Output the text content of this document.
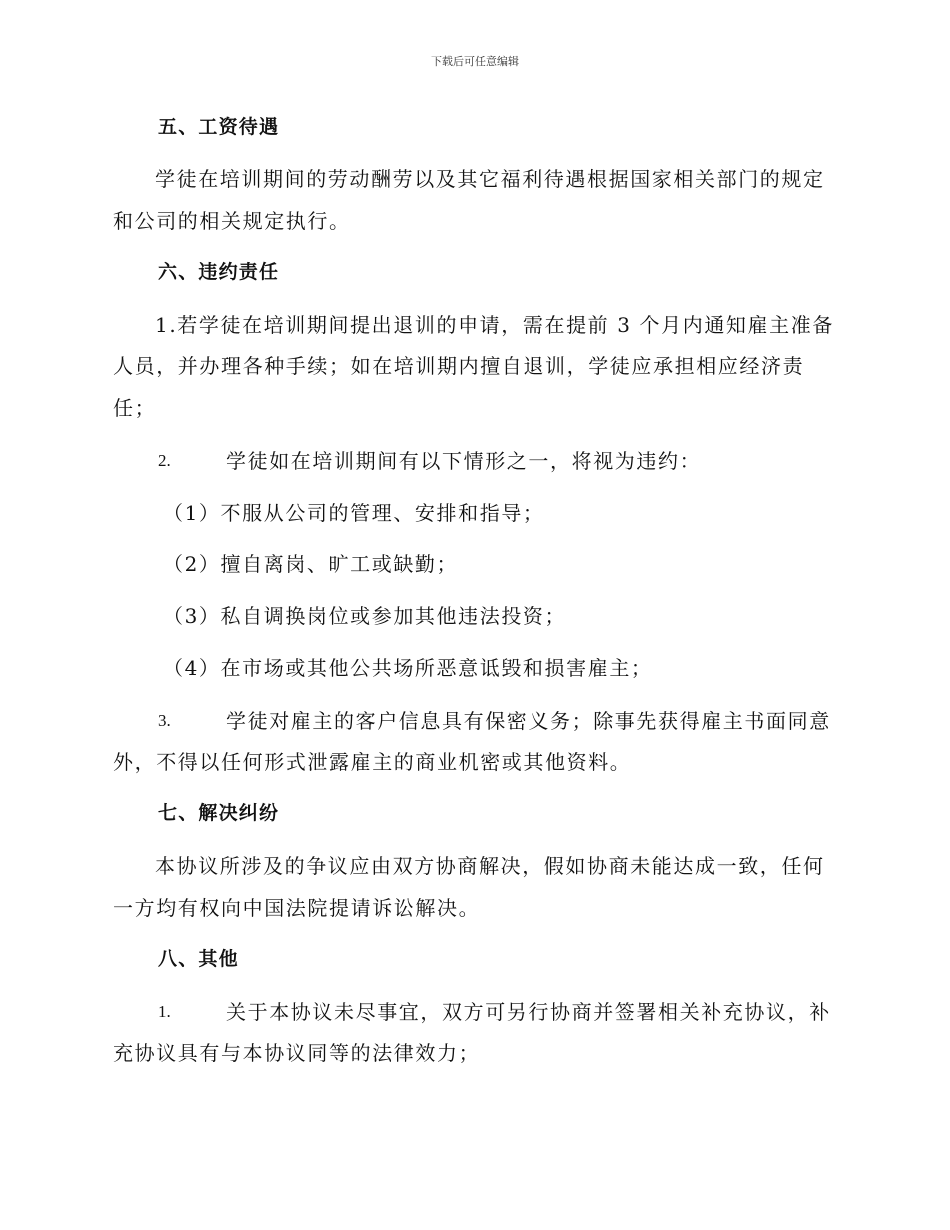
下载后可任意编辑
五、工资待遇
学徒在培训期间的劳动酬劳以及其它福利待遇根据国家相关部门的规定
和公司的相关规定执行。
六、违约责任
1.若学徒在培训期间提出退训的申请，需在提前 3 个月内通知雇主准备
人员，并办理各种手续；如在培训期内擅自退训，学徒应承担相应经济责
任；
2.	学徒如在培训期间有以下情形之一，将视为违约：
（1）不服从公司的管理、安排和指导；
（2）擅自离岗、旷工或缺勤；
（3）私自调换岗位或参加其他违法投资；
（4）在市场或其他公共场所恶意诋毁和损害雇主；
3.	学徒对雇主的客户信息具有保密义务；除事先获得雇主书面同意
外，不得以任何形式泄露雇主的商业机密或其他资料。
七、解决纠纷
本协议所涉及的争议应由双方协商解决，假如协商未能达成一致，任何
一方均有权向中国法院提请诉讼解决。
八、其他
1.	关于本协议未尽事宜，双方可另行协商并签署相关补充协议，补
充协议具有与本协议同等的法律效力；
